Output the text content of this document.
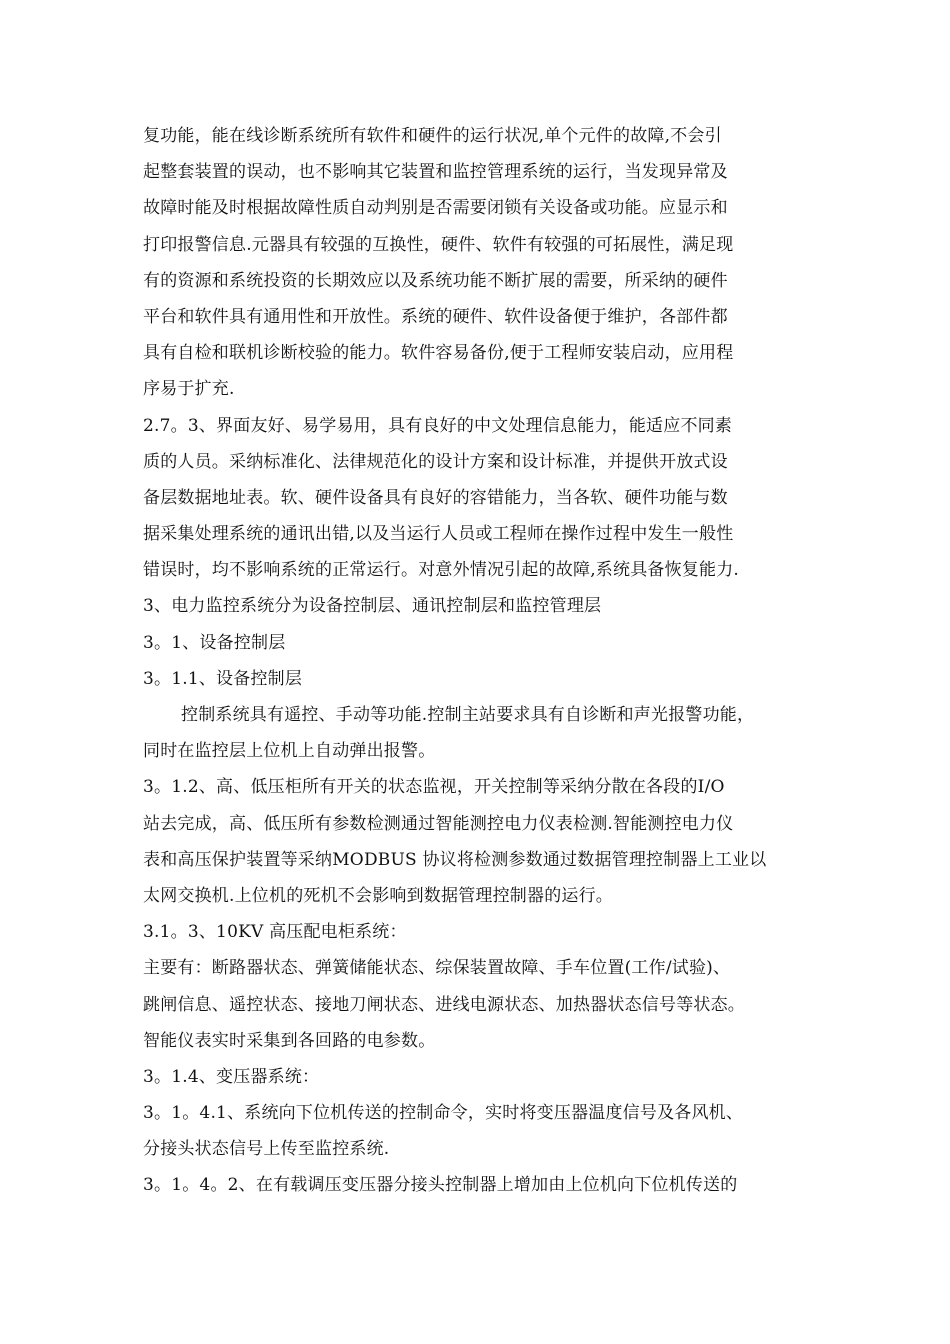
复功能，能在线诊断系统所有软件和硬件的运行状况,单个元件的故障,不会引
起整套装置的误动，也不影响其它装置和监控管理系统的运行，当发现异常及
故障时能及时根据故障性质自动判别是否需要闭锁有关设备或功能。应显示和
打印报警信息.元器具有较强的互换性，硬件、软件有较强的可拓展性，满足现
有的资源和系统投资的长期效应以及系统功能不断扩展的需要，所采纳的硬件
平台和软件具有通用性和开放性。系统的硬件、软件设备便于维护，各部件都
具有自检和联机诊断校验的能力。软件容易备份,便于工程师安装启动，应用程
序易于扩充.
2.7。3、界面友好、易学易用，具有良好的中文处理信息能力，能适应不同素
质的人员。采纳标准化、法律规范化的设计方案和设计标准，并提供开放式设
备层数据地址表。软、硬件设备具有良好的容错能力，当各软、硬件功能与数
据采集处理系统的通讯出错,以及当运行人员或工程师在操作过程中发生一般性
错误时，均不影响系统的正常运行。对意外情况引起的故障,系统具备恢复能力.
3、电力监控系统分为设备控制层、通讯控制层和监控管理层
3。1、设备控制层
3。1.1、设备控制层
控制系统具有遥控、手动等功能.控制主站要求具有自诊断和声光报警功能，
同时在监控层上位机上自动弹出报警。
3。1.2、高、低压柜所有开关的状态监视，开关控制等采纳分散在各段的I/O
站去完成，高、低压所有参数检测通过智能测控电力仪表检测.智能测控电力仪
表和高压保护装置等采纳MODBUS 协议将检测参数通过数据管理控制器上工业以
太网交换机.上位机的死机不会影响到数据管理控制器的运行。
3.1。3、10KV 高压配电柜系统：
主要有：断路器状态、弹簧储能状态、综保装置故障、手车位置(工作/试验)、
跳闸信息、遥控状态、接地刀闸状态、进线电源状态、加热器状态信号等状态。
智能仪表实时采集到各回路的电参数。
3。1.4、变压器系统：
3。1。4.1、系统向下位机传送的控制命令，实时将变压器温度信号及各风机、
分接头状态信号上传至监控系统.
3。1。4。2、在有载调压变压器分接头控制器上增加由上位机向下位机传送的
